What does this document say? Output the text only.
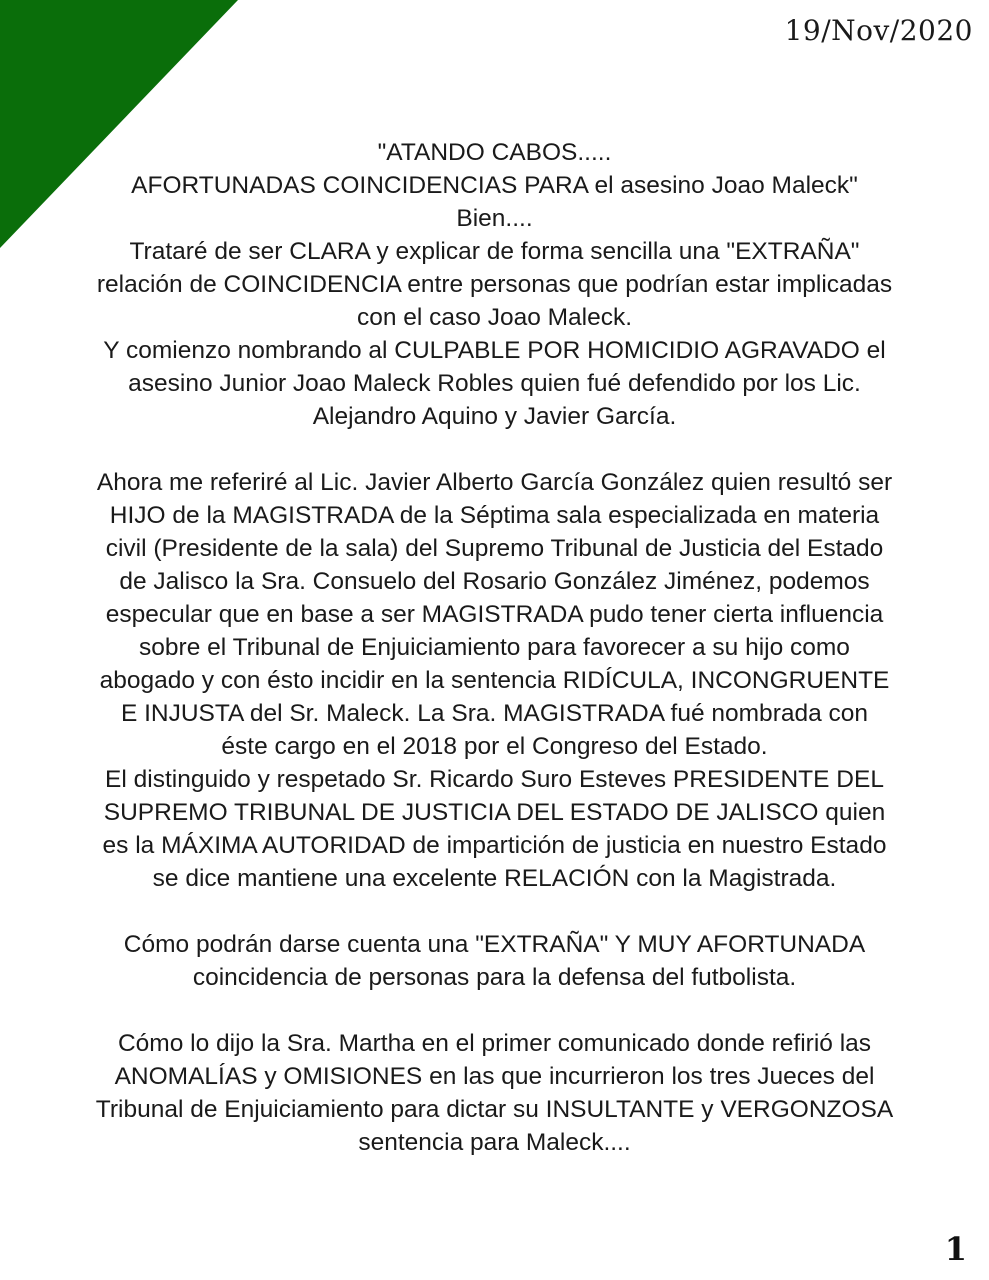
19/Nov/2020
"ATANDO CABOS.....
AFORTUNADAS COINCIDENCIAS PARA el asesino Joao Maleck"
Bien....
Trataré de ser CLARA y explicar de forma sencilla una "EXTRAÑA"
relación de COINCIDENCIA entre personas que podrían estar implicadas
con el caso Joao Maleck.
Y comienzo nombrando al CULPABLE POR HOMICIDIO AGRAVADO el
asesino Junior Joao Maleck Robles quien fué defendido por los Lic.
Alejandro Aquino y Javier García.
Ahora me referiré al Lic. Javier Alberto García González quien resultó ser
HIJO de la MAGISTRADA de la Séptima sala especializada en materia
civil (Presidente de la sala) del Supremo Tribunal de Justicia del Estado
de Jalisco la Sra. Consuelo del Rosario González Jiménez, podemos
especular que en base a ser MAGISTRADA pudo tener cierta influencia
sobre el Tribunal de Enjuiciamiento para favorecer a su hijo como
abogado y con ésto incidir en la sentencia RIDÍCULA, INCONGRUENTE
E INJUSTA del Sr. Maleck. La Sra. MAGISTRADA fué nombrada con
éste cargo en el 2018 por el Congreso del Estado.
El distinguido y respetado Sr. Ricardo Suro Esteves PRESIDENTE DEL
SUPREMO TRIBUNAL DE JUSTICIA DEL ESTADO DE JALISCO quien
es la MÁXIMA AUTORIDAD de impartición de justicia en nuestro Estado
se dice mantiene una excelente RELACIÓN con la Magistrada.
Cómo podrán darse cuenta una "EXTRAÑA" Y MUY AFORTUNADA
coincidencia de personas para la defensa del futbolista.
Cómo lo dijo la Sra. Martha en el primer comunicado donde refirió las
ANOMALÍAS y OMISIONES en las que incurrieron los tres Jueces del
Tribunal de Enjuiciamiento para dictar su INSULTANTE y VERGONZOSA
sentencia para Maleck....
1
